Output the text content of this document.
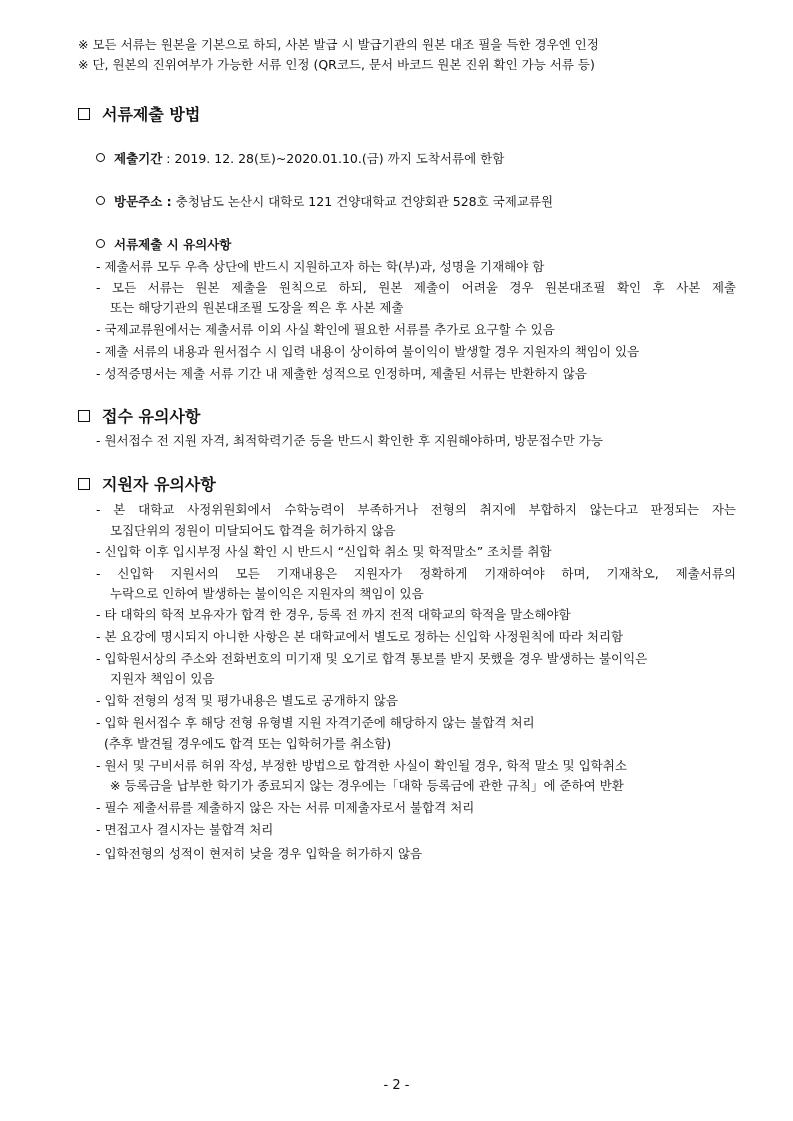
※ 모든 서류는 원본을 기본으로 하되, 사본 발급 시 발급기관의 원본 대조 필을 득한 경우엔 인정
※ 단, 원본의 진위여부가 가능한 서류 인정 (QR코드, 문서 바코드 원본 진위 확인 가능 서류 등)
서류제출 방법
제출기간 : 2019. 12. 28(토)~2020.01.10.(금) 까지 도착서류에 한함
방문주소 : 충청남도 논산시 대학로 121 건양대학교 건양회관 528호 국제교류원
서류제출 시 유의사항
- 제출서류 모두 우측 상단에 반드시 지원하고자 하는 학(부)과, 성명을 기재해야 함
- 모든 서류는 원본 제출을 원칙으로 하되, 원본 제출이 어려울 경우 원본대조필 확인 후 사본 제출
또는 해당기관의 원본대조필 도장을 찍은 후 사본 제출
- 국제교류원에서는 제출서류 이외 사실 확인에 필요한 서류를 추가로 요구할 수 있음
- 제출 서류의 내용과 원서접수 시 입력 내용이 상이하여 불이익이 발생할 경우 지원자의 책임이 있음
- 성적증명서는 제출 서류 기간 내 제출한 성적으로 인정하며, 제출된 서류는 반환하지 않음
접수 유의사항
- 원서접수 전 지원 자격, 최적학력기준 등을 반드시 확인한 후 지원해야하며, 방문접수만 가능
지원자 유의사항
- 본 대학교 사정위원회에서 수학능력이 부족하거나 전형의 취지에 부합하지 않는다고 판정되는 자는
모집단위의 정원이 미달되어도 합격을 허가하지 않음
- 신입학 이후 입시부정 사실 확인 시 반드시 “신입학 취소 및 학적말소” 조치를 취함
- 신입학 지원서의 모든 기재내용은 지원자가 정확하게 기재하여야 하며, 기재착오, 제출서류의
누락으로 인하여 발생하는 불이익은 지원자의 책임이 있음
- 타 대학의 학적 보유자가 합격 한 경우, 등록 전 까지 전적 대학교의 학적을 말소해야함
- 본 요강에 명시되지 아니한 사항은 본 대학교에서 별도로 정하는 신입학 사정원칙에 따라 처리함
- 입학원서상의 주소와 전화번호의 미기재 및 오기로 합격 통보를 받지 못했을 경우 발생하는 불이익은
지원자 책임이 있음
- 입학 전형의 성적 및 평가내용은 별도로 공개하지 않음
- 입학 원서접수 후 해당 전형 유형별 지원 자격기준에 해당하지 않는 불합격 처리
(추후 발견될 경우에도 합격 또는 입학허가를 취소함)
- 원서 및 구비서류 허위 작성, 부정한 방법으로 합격한 사실이 확인될 경우, 학적 말소 및 입학취소
※ 등록금을 납부한 학기가 종료되지 않는 경우에는「대학 등록금에 관한 규칙」에 준하여 반환
- 필수 제출서류를 제출하지 않은 자는 서류 미제출자로서 불합격 처리
- 면접고사 결시자는 불합격 처리
- 입학전형의 성적이 현저히 낮을 경우 입학을 허가하지 않음
- 2 -
